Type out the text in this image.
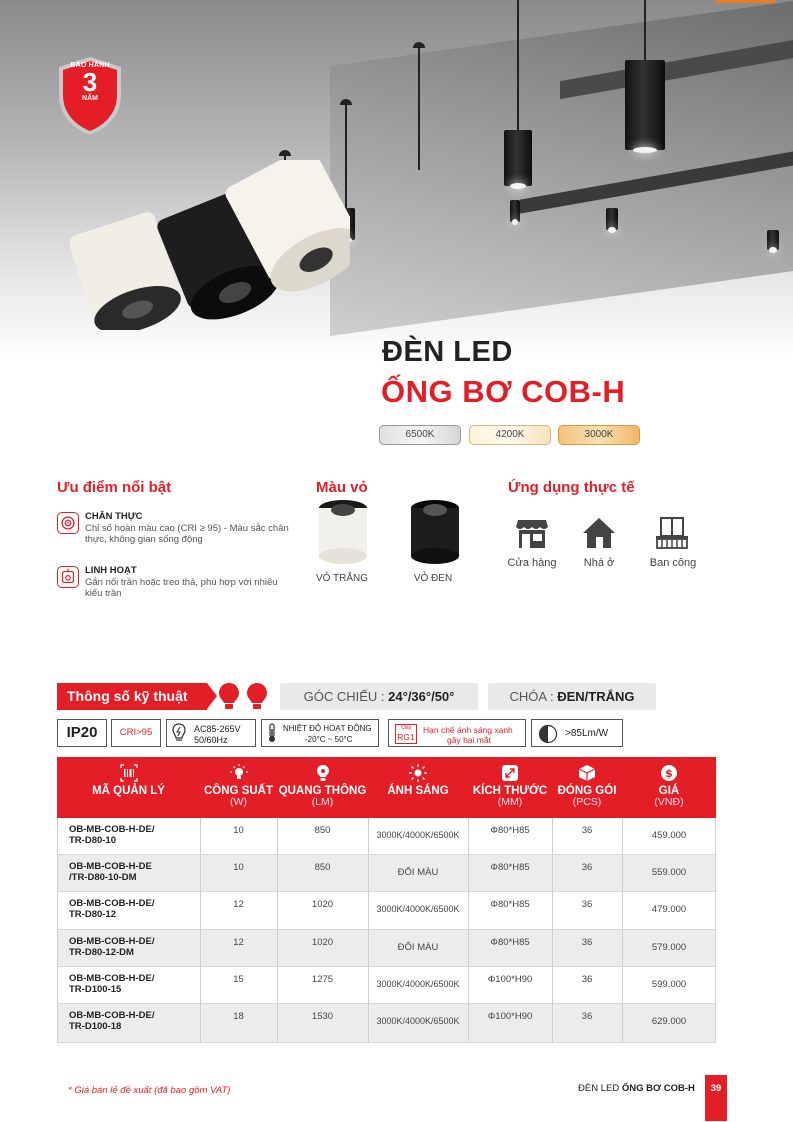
BẢO HÀNH
3
NĂM
ĐÈN LED
ỐNG BƠ COB-H
6500K	4200K	3000K
Ưu điểm nổi bật
CHÂN THỰC
Chỉ số hoàn màu cao (CRI ≥ 95) - Màu sắc chân thực, không gian sống động
LINH HOẠT
Gắn nổi trần hoặc treo thả, phù hợp với nhiều kiểu trần
Màu vỏ
VỎ TRẮNG	VỎ ĐEN
Ứng dụng thực tế
Cửa hàng	Nhà ở	Ban công
Thông số kỹ thuật	GÓC CHIẾU : 24°/36°/50°	CHÓA : ĐEN/TRẮNG
IP20	CRI>95	AC85-265V
50/60Hz
NHIỆT ĐỘ HOẠT ĐỘNG
-20°C ~ 50°C
Chip
RG1
Hạn chế ánh sáng xanh
gây hại mắt
>85Lm/W
MÃ QUẢN LÝ	CÔNG SUẤT
(W)
QUANG THÔNG
(LM)
ÁNH SÁNG	KÍCH THƯỚC
(MM)
ĐÓNG GÓI
(PCS)
$
GIÁ
(VNĐ)
OB-MB-COB-H-DE/
TR-D80-10
10	850	3000K/4000K/6500K	Φ80*H85	36	459.000
OB-MB-COB-H-DE
/TR-D80-10-DM
10	850	ĐỔI MÀU	Φ80*H85	36	559.000
OB-MB-COB-H-DE/
TR-D80-12
12	1020	3000K/4000K/6500K	Φ80*H85	36	479.000
OB-MB-COB-H-DE/
TR-D80-12-DM
12	1020	ĐỔI MÀU	Φ80*H85	36	579.000
OB-MB-COB-H-DE/
TR-D100-15
15	1275	3000K/4000K/6500K	Φ100*H90	36	599.000
OB-MB-COB-H-DE/
TR-D100-18
18	1530	3000K/4000K/6500K	Φ100*H90	36	629.000
* Giá bán lẻ đề xuất (đã bao gồm VAT)	ĐÈN LED ỐNG BƠ COB-H	39
